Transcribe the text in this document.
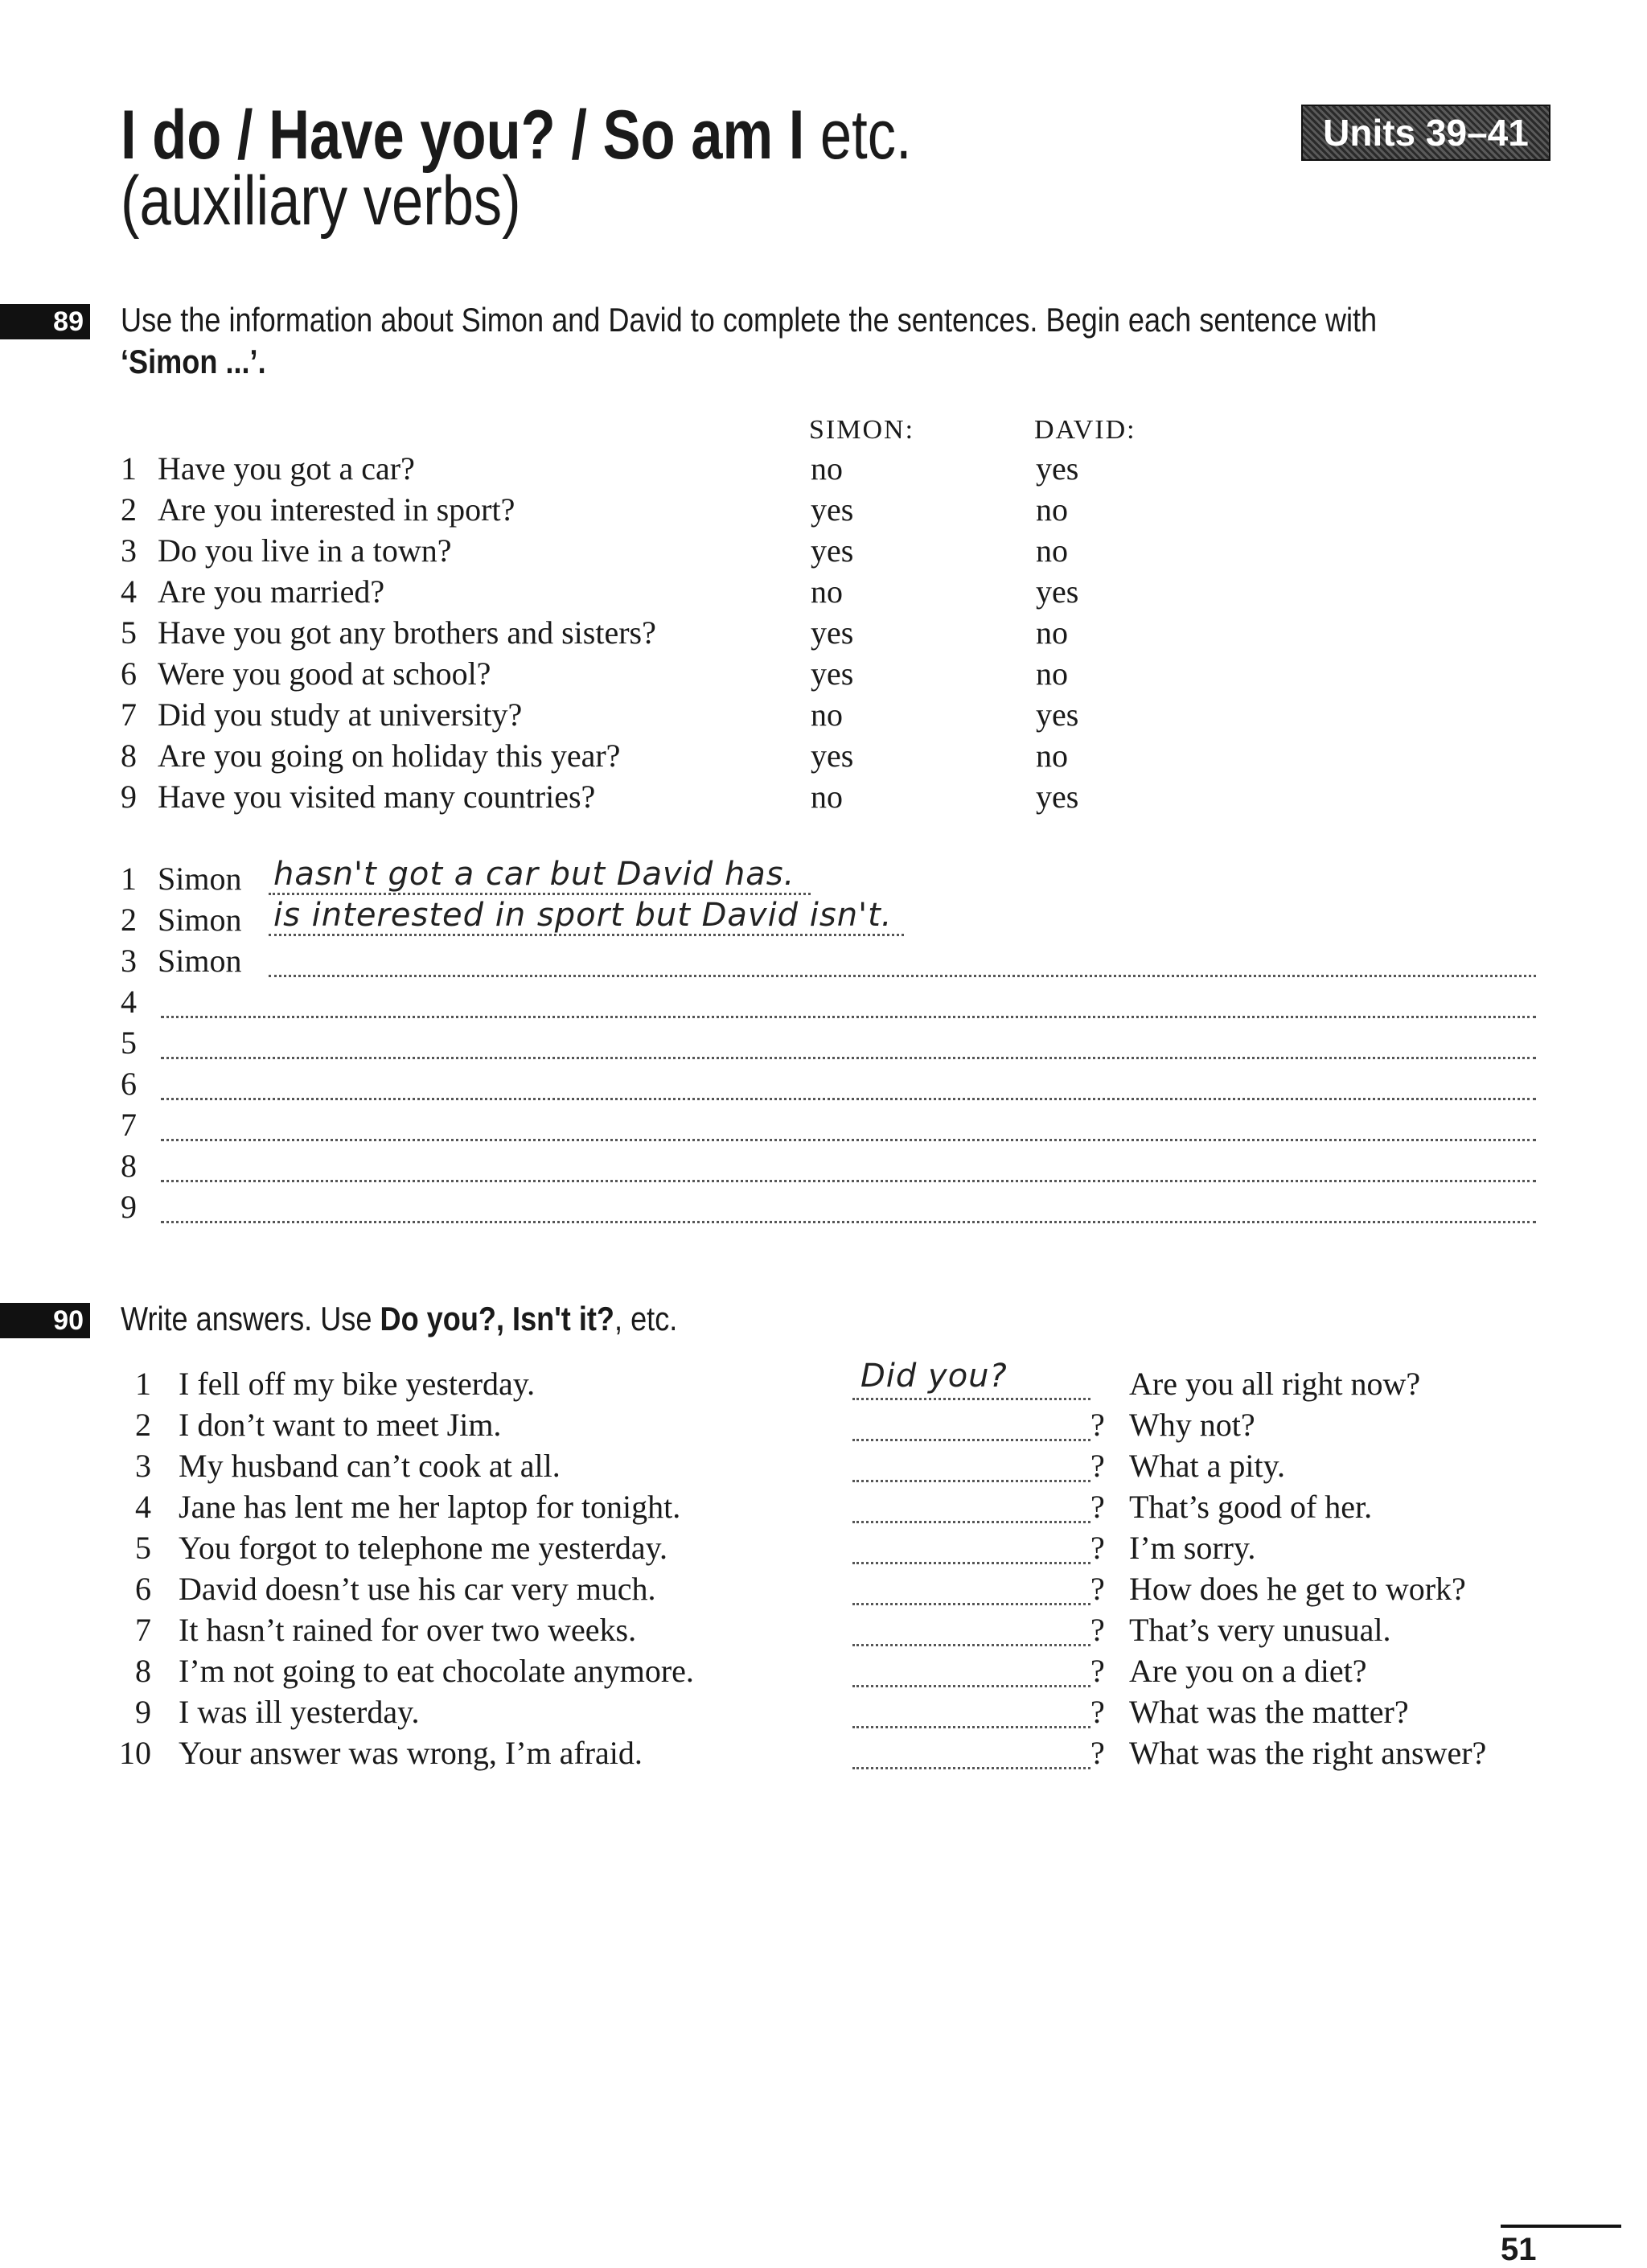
I do / Have you? / So am I etc.
(auxiliary verbs)
Units 39–41
89 Use the information about Simon and David to complete the sentences. Begin each sentence with
‘Simon ...’.
SIMON:	DAVID:
1 Have you got a car?	no	yes
2 Are you interested in sport?	yes	no
3 Do you live in a town?	yes	no
4 Are you married?	no	yes
5 Have you got any brothers and sisters?	yes	no
6 Were you good at school?	yes	no
7 Did you study at university?	no	yes
8 Are you going on holiday this year?	yes	no
9 Have you visited many countries?	no	yes
1 Simon hasn't got a car but David has.
2 Simon is interested in sport but David isn't.
3 Simon
4
5
6
7
8
9
90 Write answers. Use Do you?, Isn't it?, etc.
1 I fell off my bike yesterday.	Did you?	Are you all right now?
2 I don’t want to meet Jim.	? Why not?
3 My husband can’t cook at all.	? What a pity.
4 Jane has lent me her laptop for tonight.	? That’s good of her.
5 You forgot to telephone me yesterday.	? I’m sorry.
6 David doesn’t use his car very much.	? How does he get to work?
7 It hasn’t rained for over two weeks.	? That’s very unusual.
8 I’m not going to eat chocolate anymore.	? Are you on a diet?
9 I was ill yesterday.	? What was the matter?
10 Your answer was wrong, I’m afraid.	? What was the right answer?
51
